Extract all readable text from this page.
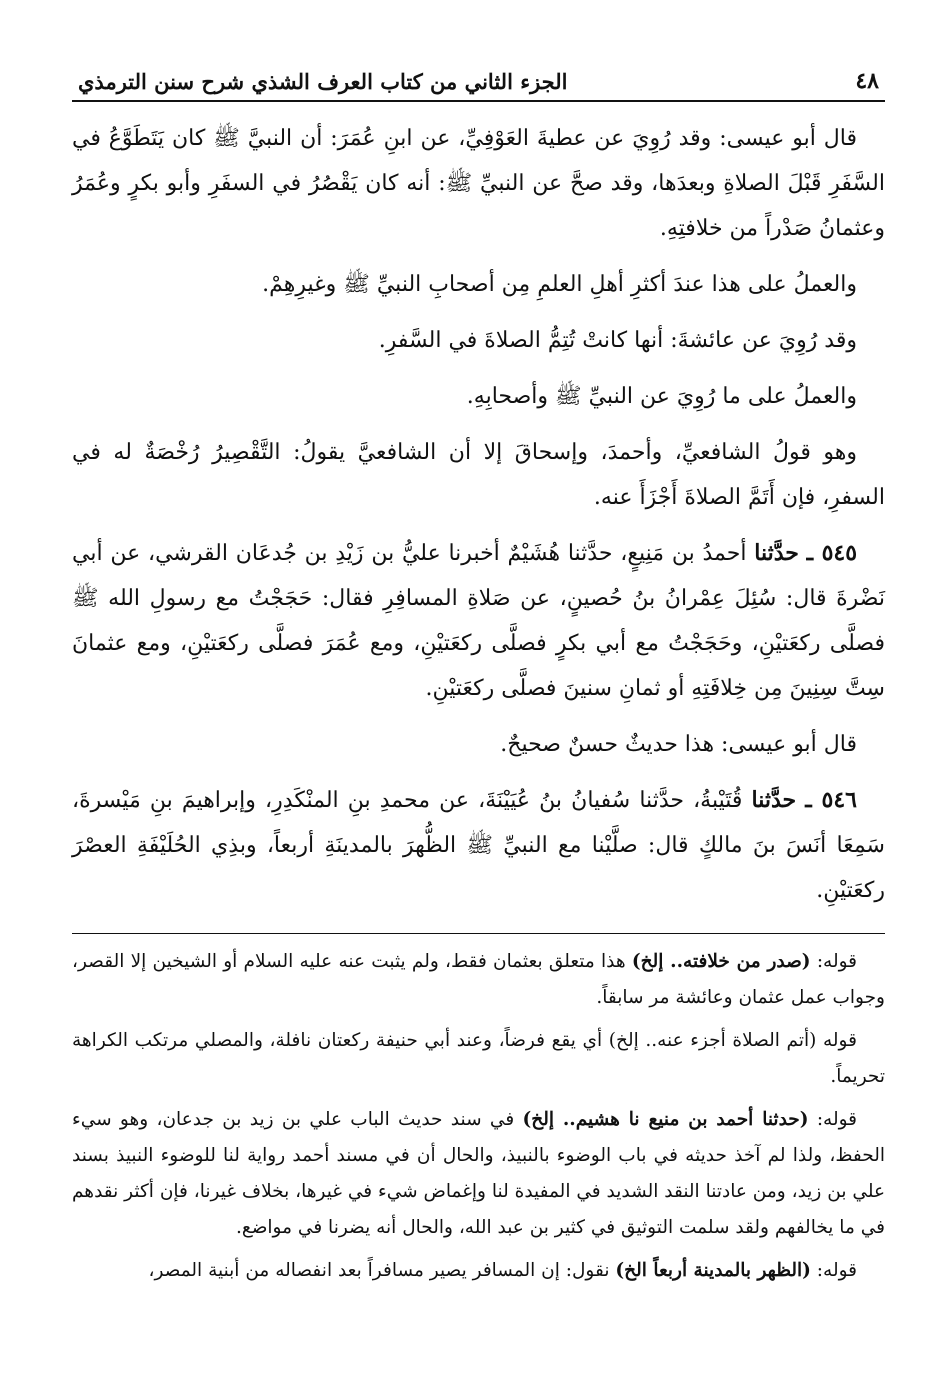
٤٨
الجزء الثاني من كتاب العرف الشذي شرح سنن الترمذي

قال أبو عيسى: وقد رُوِيَ عن عطيةَ العَوْفِيِّ، عن ابنِ عُمَرَ: أن النبيَّ ﷺ كان يَتَطَوَّعُ في السَّفَرِ قَبْلَ الصلاةِ وبعدَها، وقد صحَّ عن النبيِّ ﷺ: أنه كان يَقْصُرُ في السفَرِ وأبو بكرٍ وعُمَرُ وعثمانُ صَدْراً من خلافتِهِ.

والعملُ على هذا عندَ أكثرِ أهلِ العلمِ مِن أصحابِ النبيِّ ﷺ وغيرِهِمْ.

وقد رُوِيَ عن عائشةَ: أنها كانتْ تُتِمُّ الصلاةَ في السَّفرِ.

والعملُ على ما رُوِيَ عن النبيِّ ﷺ وأصحابِهِ.

وهو قولُ الشافعيِّ، وأحمدَ، وإسحاقَ إلا أن الشافعيَّ يقولُ: التَّقْصِيرُ رُخْصَةٌ له في السفرِ، فإن أَتَمَّ الصلاةَ أَجْزَأَ عنه.

٥٤٥ ـ حدَّثنا أحمدُ بن مَنِيعٍ، حدَّثنا هُشَيْمٌ أخبرنا عليُّ بن زَيْدِ بن جُدعَان القرشي، عن أبي نَضْرةَ قال: سُئِلَ عِمْرانُ بنُ حُصينٍ، عن صَلاةِ المسافِرِ فقال: حَجَجْتُ مع رسولِ الله ﷺ فصلَّى ركعَتيْنِ، وحَجَجْتُ مع أبي بكرٍ فصلَّى ركعَتيْنِ، ومع عُمَرَ فصلَّى ركعَتيْنِ، ومع عثمانَ سِتَّ سِنِينَ مِن خِلافَتِهِ أو ثمانِ سنينَ فصلَّى ركعَتيْنِ.

قال أبو عيسى: هذا حديثٌ حسنٌ صحيحٌ.

٥٤٦ ـ حدَّثنا قُتَيْبةُ، حدَّثنا سُفيانُ بنُ عُيَيْنَةَ، عن محمدِ بنِ المنْكَدِرِ، وإبراهيمَ بنِ مَيْسرةَ، سَمِعَا أنَسَ بنَ مالكٍ قال: صلَّيْنا مع النبيِّ ﷺ الظُّهرَ بالمدينَةِ أربعاً، وبذِي الحُلَيْفَةِ العصْرَ ركعَتيْنِ.

قوله: (صدر من خلافته.. إلخ) هذا متعلق بعثمان فقط، ولم يثبت عنه عليه السلام أو الشيخين إلا القصر، وجواب عمل عثمان وعائشة مر سابقاً.

قوله (أتم الصلاة أجزء عنه.. إلخ) أي يقع فرضاً، وعند أبي حنيفة ركعتان نافلة، والمصلي مرتكب الكراهة تحريماً.

قوله: (حدثنا أحمد بن منيع نا هشيم.. إلخ) في سند حديث الباب علي بن زيد بن جدعان، وهو سيء الحفظ، ولذا لم آخذ حديثه في باب الوضوء بالنبيذ، والحال أن في مسند أحمد رواية لنا للوضوء النبيذ بسند علي بن زيد، ومن عادتنا النقد الشديد في المفيدة لنا وإغماض شيء في غيرها، بخلاف غيرنا، فإن أكثر نقدهم في ما يخالفهم ولقد سلمت التوثيق في كثير بن عبد الله، والحال أنه يضرنا في مواضع.

قوله: (الظهر بالمدينة أربعاً الخ) نقول: إن المسافر يصير مسافراً بعد انفصاله من أبنية المصر،
